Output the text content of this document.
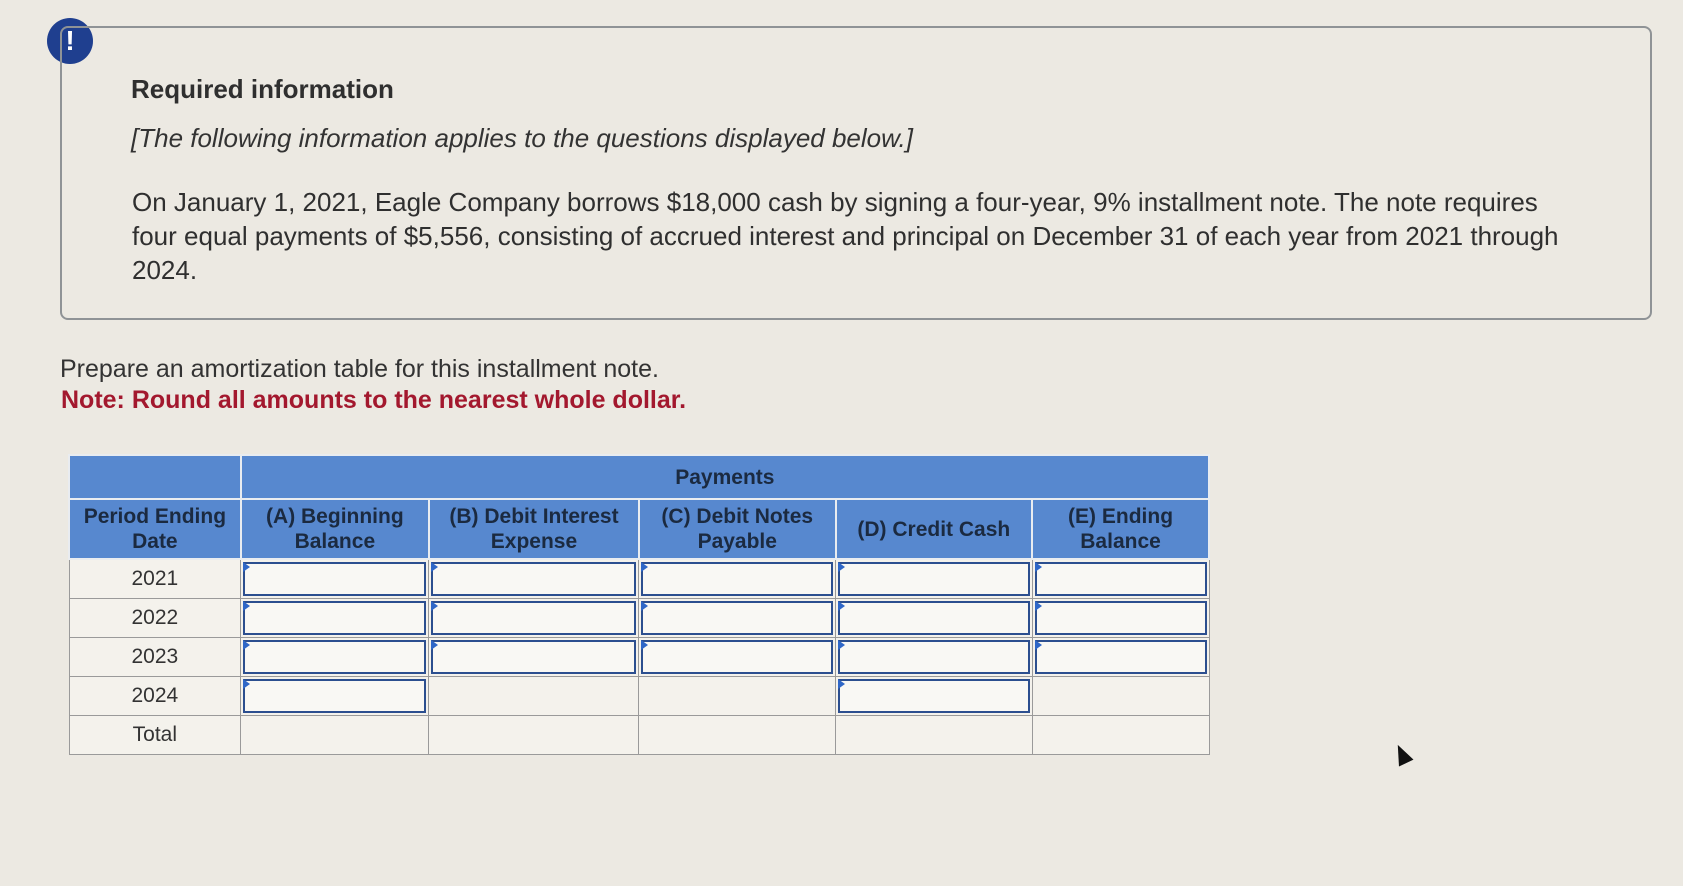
!
Required information
[The following information applies to the questions displayed below.]
On January 1, 2021, Eagle Company borrows $18,000 cash by signing a four-year, 9% installment note. The note requires four equal payments of $5,556, consisting of accrued interest and principal on December 31 of each year from 2021 through 2024.
Prepare an amortization table for this installment note.
Note: Round all amounts to the nearest whole dollar.
	Payments				
Period Ending Date	(A) Beginning Balance	(B) Debit Interest Expense	(C) Debit Notes Payable	(D) Credit Cash	(E) Ending Balance
2021	

2022	

2023	

2024	

Total					
